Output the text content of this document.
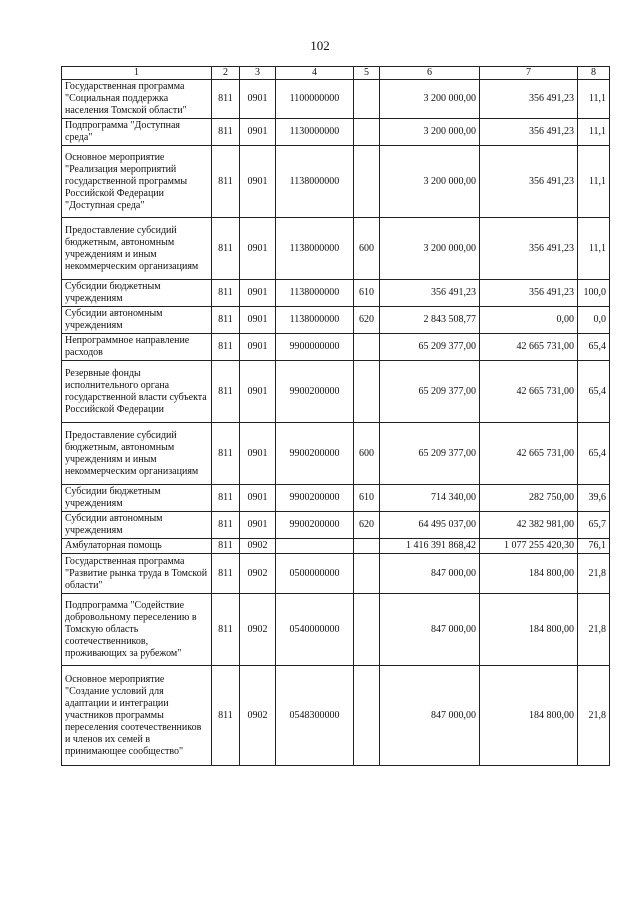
102
1	2	3	4	5	6	7	8
Государственная программа "Социальная поддержка населения Томской области"	811	0901	1100000000		3 200 000,00	356 491,23	11,1
Подпрограмма "Доступная среда"	811	0901	1130000000		3 200 000,00	356 491,23	11,1
Основное мероприятие "Реализация мероприятий государственной программы Российской Федерации "Доступная среда"	811	0901	1138000000		3 200 000,00	356 491,23	11,1
Предоставление субсидий бюджетным, автономным учреждениям и иным некоммерческим организациям	811	0901	1138000000	600	3 200 000,00	356 491,23	11,1
Субсидии бюджетным учреждениям	811	0901	1138000000	610	356 491,23	356 491,23	100,0
Субсидии автономным учреждениям	811	0901	1138000000	620	2 843 508,77	0,00	0,0
Непрограммное направление расходов	811	0901	9900000000		65 209 377,00	42 665 731,00	65,4
Резервные фонды исполнительного органа государственной власти субъекта Российской Федерации	811	0901	9900200000		65 209 377,00	42 665 731,00	65,4
Предоставление субсидий бюджетным, автономным учреждениям и иным некоммерческим организациям	811	0901	9900200000	600	65 209 377,00	42 665 731,00	65,4
Субсидии бюджетным учреждениям	811	0901	9900200000	610	714 340,00	282 750,00	39,6
Субсидии автономным учреждениям	811	0901	9900200000	620	64 495 037,00	42 382 981,00	65,7
Амбулаторная помощь	811	0902			1 416 391 868,42	1 077 255 420,30	76,1
Государственная программа "Развитие рынка труда в Томской области"	811	0902	0500000000		847 000,00	184 800,00	21,8
Подпрограмма "Содействие добровольному переселению в Томскую область соотечественников, проживающих за рубежом"	811	0902	0540000000		847 000,00	184 800,00	21,8
Основное мероприятие "Создание условий для адаптации и интеграции участников программы переселения соотечественников и членов их семей в принимающее сообщество"	811	0902	0548300000		847 000,00	184 800,00	21,8
